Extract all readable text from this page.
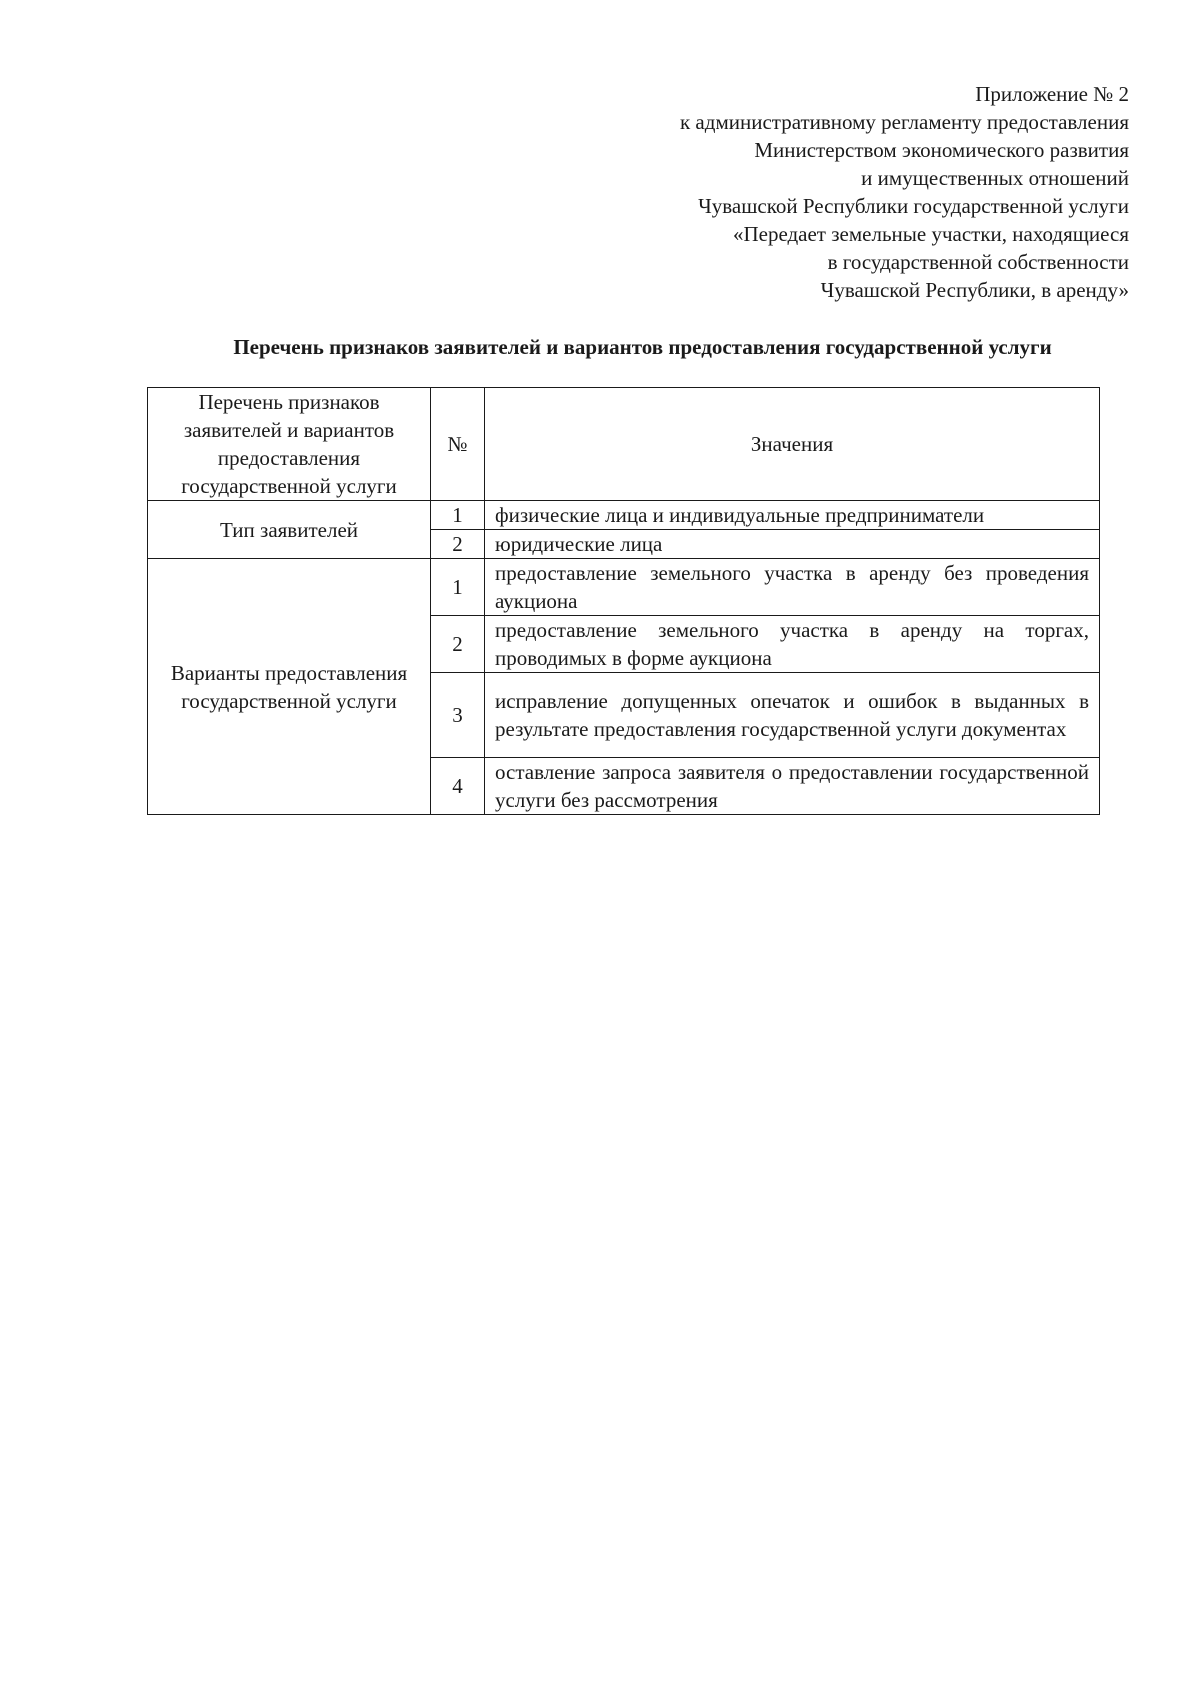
Приложение № 2
к административному регламенту предоставления
Министерством экономического развития
и имущественных отношений
Чувашской Республики государственной услуги
«Передает земельные участки, находящиеся
в государственной собственности
Чувашской Республики, в аренду»
Перечень признаков заявителей и вариантов предоставления государственной услуги
Перечень признаков заявителей и вариантов предоставления государственной услуги	№	Значения
Тип заявителей	1	физические лица и индивидуальные предприниматели
	2	юридические лица
Варианты предоставления государственной услуги	1	предоставление земельного участка в аренду без проведения аукциона
	2	предоставление земельного участка в аренду на торгах, проводимых в форме аукциона
	3	исправление допущенных опечаток и ошибок в выданных в результате предоставления государственной услуги документах
	4	оставление запроса заявителя о предоставлении государственной услуги без рассмотрения
